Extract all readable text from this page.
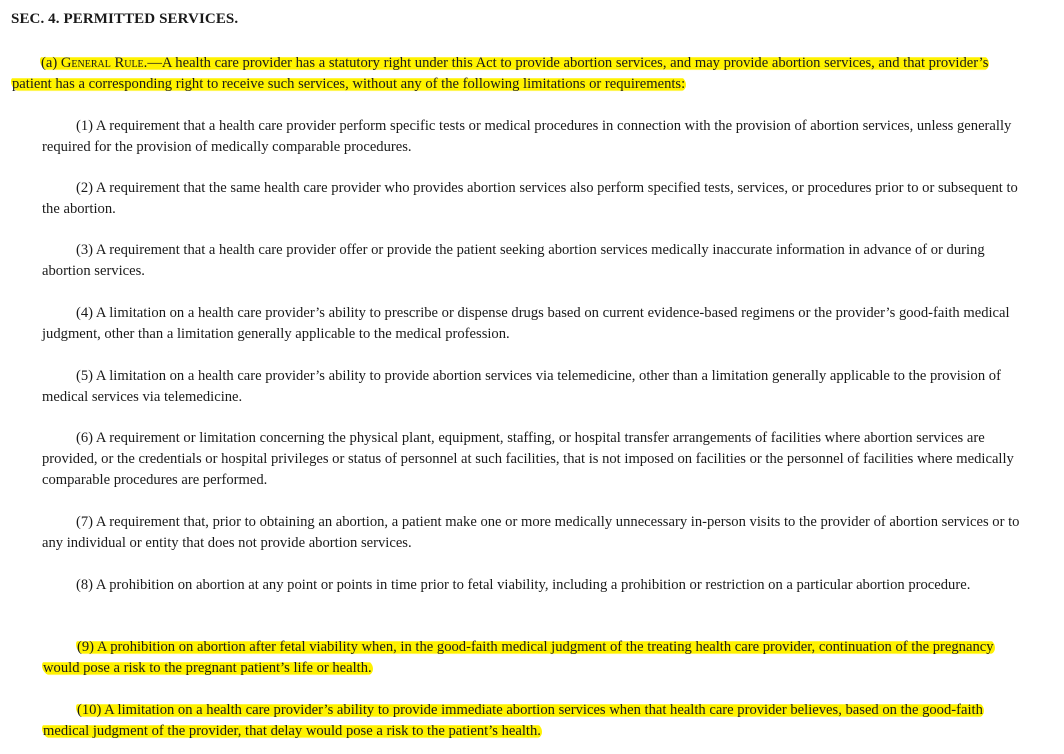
SEC. 4. PERMITTED SERVICES.
(a) General Rule.—A health care provider has a statutory right under this Act to provide abortion services, and may provide abortion services, and that provider’s patient has a corresponding right to receive such services, without any of the following limitations or requirements:
(1) A requirement that a health care provider perform specific tests or medical procedures in connection with the provision of abortion services, unless generally required for the provision of medically comparable procedures.
(2) A requirement that the same health care provider who provides abortion services also perform specified tests, services, or procedures prior to or subsequent to the abortion.
(3) A requirement that a health care provider offer or provide the patient seeking abortion services medically inaccurate information in advance of or during abortion services.
(4) A limitation on a health care provider’s ability to prescribe or dispense drugs based on current evidence-based regimens or the provider’s good-faith medical judgment, other than a limitation generally applicable to the medical profession.
(5) A limitation on a health care provider’s ability to provide abortion services via telemedicine, other than a limitation generally applicable to the provision of medical services via telemedicine.
(6) A requirement or limitation concerning the physical plant, equipment, staffing, or hospital transfer arrangements of facilities where abortion services are provided, or the credentials or hospital privileges or status of personnel at such facilities, that is not imposed on facilities or the personnel of facilities where medically comparable procedures are performed.
(7) A requirement that, prior to obtaining an abortion, a patient make one or more medically unnecessary in-person visits to the provider of abortion services or to any individual or entity that does not provide abortion services.
(8) A prohibition on abortion at any point or points in time prior to fetal viability, including a prohibition or restriction on a particular abortion procedure.
(9) A prohibition on abortion after fetal viability when, in the good-faith medical judgment of the treating health care provider, continuation of the pregnancy would pose a risk to the pregnant patient’s life or health.
(10) A limitation on a health care provider’s ability to provide immediate abortion services when that health care provider believes, based on the good-faith medical judgment of the provider, that delay would pose a risk to the patient’s health.
